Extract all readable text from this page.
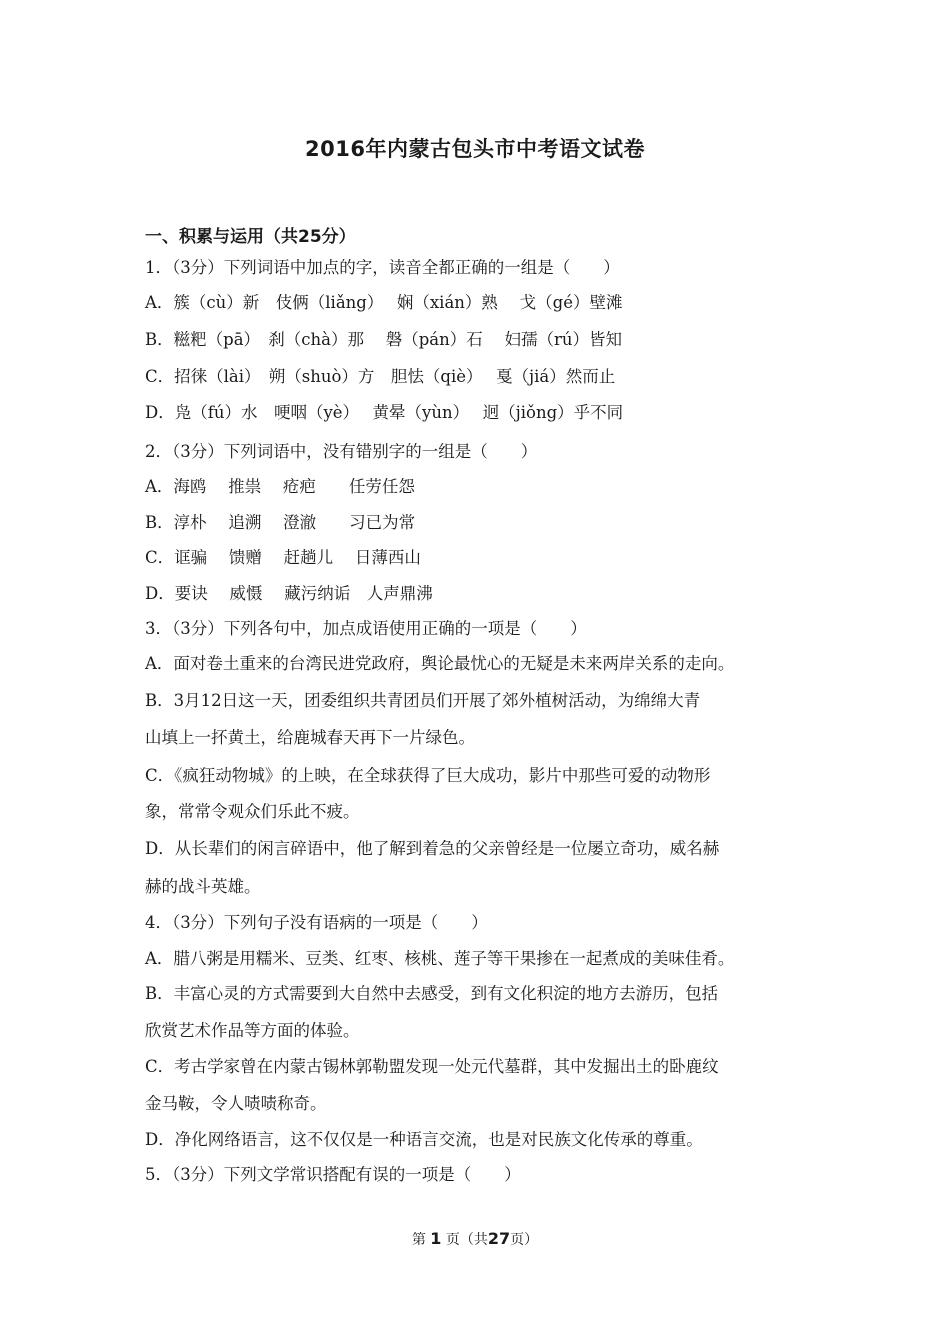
2016年内蒙古包头市中考语文试卷
一、积累与运用（共25分）
1．（3分）下列词语中加点的字，读音全都正确的一组是（　　）
A．簇（cù）新　伎俩（liǎng）　 娴（xián）熟　 戈（gé）壁滩
B．糍粑（pā）　刹（chà）那　 磐（pán）石　 妇孺（rú）皆知
C．招徕（lài）　朔（shuò）方　胆怯（qiè）　 戛（jiá）然而止
D．凫（fú）水　哽咽（yè）　 黄晕（yùn）　 迥（jiǒng）乎不同
2．（3分）下列词语中，没有错别字的一组是（　　）
A．海鸥　 推祟　 疮疤　　任劳任怨
B．淳朴　 追溯　 澄澈　　习已为常
C．诓骗　 馈赠　 赶趟儿　 日薄西山
D．要诀　 威慑　 藏污纳诟　人声鼎沸
3．（3分）下列各句中，加点成语使用正确的一项是（　　）
A．面对卷土重来的台湾民进党政府，舆论最忧心的无疑是未来两岸关系的走向。
B．3月12日这一天，团委组织共青团员们开展了郊外植树活动，为绵绵大青
山填上一抔黄土，给鹿城春天再下一片绿色。
C．《疯狂动物城》的上映，在全球获得了巨大成功，影片中那些可爱的动物形
象，常常令观众们乐此不疲。
D．从长辈们的闲言碎语中，他了解到着急的父亲曾经是一位屡立奇功，威名赫
赫的战斗英雄。
4．（3分）下列句子没有语病的一项是（　　）
A．腊八粥是用糯米、豆类、红枣、核桃、莲子等干果掺在一起煮成的美味佳肴。
B．丰富心灵的方式需要到大自然中去感受，到有文化积淀的地方去游历，包括
欣赏艺术作品等方面的体验。
C．考古学家曾在内蒙古锡林郭勒盟发现一处元代墓群，其中发掘出土的卧鹿纹
金马鞍，令人啧啧称奇。
D．净化网络语言，这不仅仅是一种语言交流，也是对民族文化传承的尊重。
5．（3分）下列文学常识搭配有误的一项是（　　）
第 1 页（共27页）
